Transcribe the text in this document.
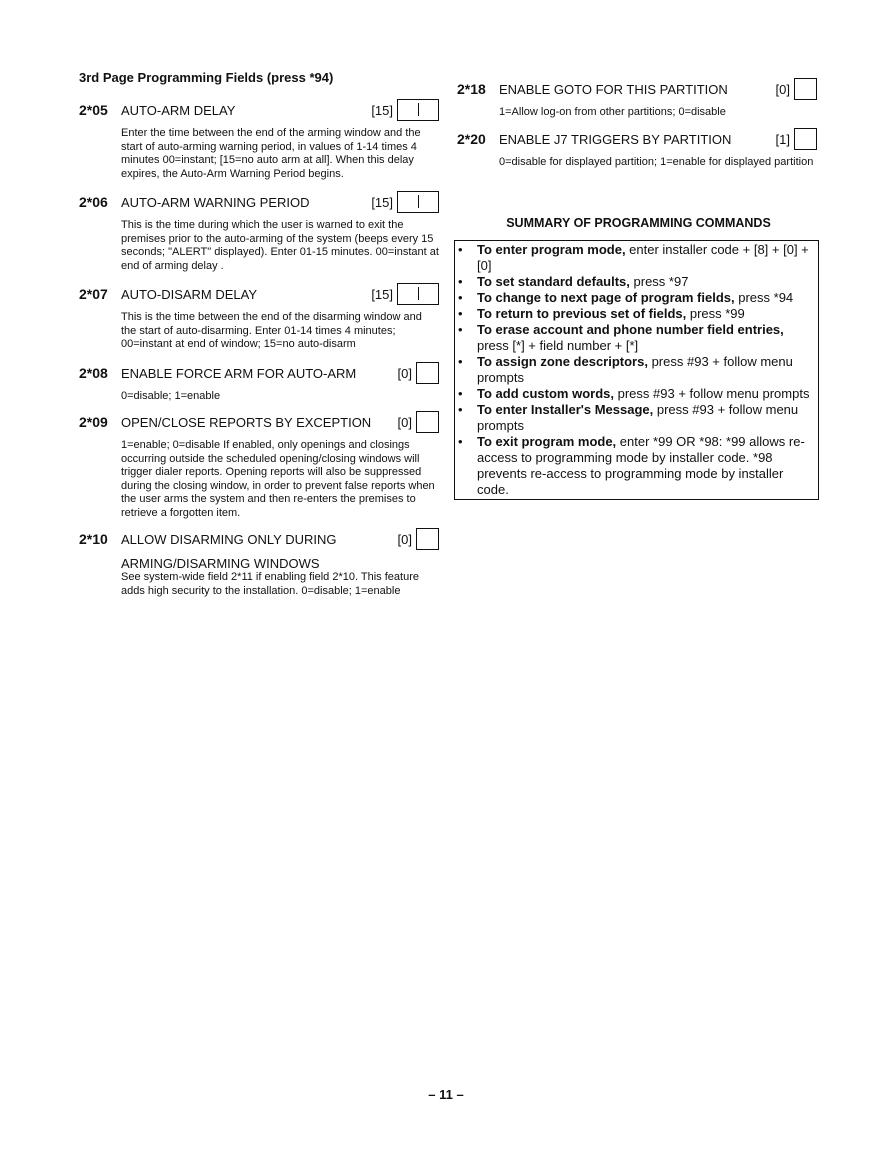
3rd Page Programming Fields (press *94)
2*05	AUTO-ARM DELAY	[15]
Enter the time between the end of the arming window and the start of auto-arming warning period, in values of 1-14 times 4 minutes 00=instant; [15=no auto arm at all]. When this delay expires, the Auto-Arm Warning Period begins.
2*06	AUTO-ARM WARNING PERIOD	[15]
This is the time during which the user is warned to exit the premises prior to the auto-arming of the system (beeps every 15 seconds; "ALERT" displayed). Enter 01-15 minutes. 00=instant at end of arming delay .
2*07	AUTO-DISARM DELAY	[15]
This is the time between the end of the disarming window and the start of auto-disarming. Enter 01-14 times 4 minutes; 00=instant at end of window; 15=no auto-disarm
2*08	ENABLE FORCE ARM FOR AUTO-ARM	[0]
0=disable; 1=enable
2*09	OPEN/CLOSE REPORTS BY EXCEPTION	[0]
1=enable; 0=disable If enabled, only openings and closings occurring outside the scheduled opening/closing windows will trigger dialer reports. Opening reports will also be suppressed during the closing window, in order to prevent false reports when the user arms the system and then re-enters the premises to retrieve a forgotten item.
2*10	ALLOW DISARMING ONLY DURING	[0]
ARMING/DISARMING WINDOWS
See system-wide field 2*11 if enabling field 2*10. This feature adds high security to the installation. 0=disable; 1=enable
2*18	ENABLE GOTO FOR THIS PARTITION	[0]
1=Allow log-on from other partitions; 0=disable
2*20	ENABLE J7 TRIGGERS BY PARTITION	[1]
0=disable for displayed partition; 1=enable for displayed partition
SUMMARY OF PROGRAMMING COMMANDS
• To enter program mode, enter installer code + [8] + [0] + [0]
• To set standard defaults, press *97
• To change to next page of program fields, press *94
• To return to previous set of fields, press *99
• To erase account and phone number field entries, press [*] + field number + [*]
• To assign zone descriptors, press #93 + follow menu prompts
• To add custom words, press #93 + follow menu prompts
• To enter Installer's Message, press #93 + follow menu prompts
• To exit program mode, enter *99 OR *98: *99 allows re-access to programming mode by installer code. *98 prevents re-access to programming mode by installer code.
– 11 –
